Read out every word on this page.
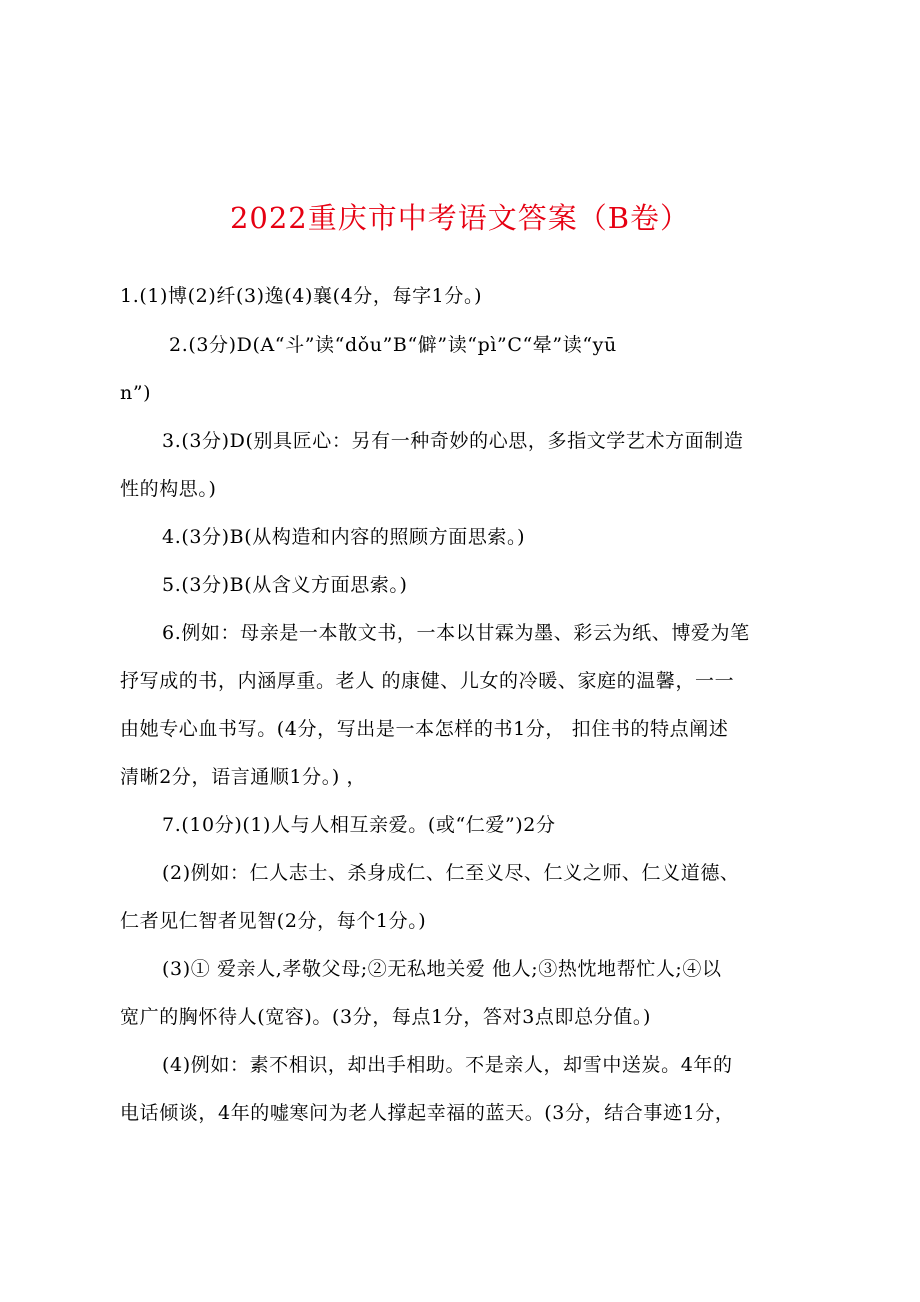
2022重庆市中考语文答案（B卷）
1.(1)博(2)纤(3)逸(4)襄(4分，每字1分。)
2.(3分)D(A“斗”读“dǒu”B“僻”读“pì”C“晕”读“yū
n”)
3.(3分)D(别具匠心：另有一种奇妙的心思，多指文学艺术方面制造
性的构思。)
4.(3分)B(从构造和内容的照顾方面思索。)
5.(3分)B(从含义方面思索。)
6.例如：母亲是一本散文书，一本以甘霖为墨、彩云为纸、博爱为笔
抒写成的书，内涵厚重。老人 的康健、儿女的冷暖、家庭的温馨，一一
由她专心血书写。(4分，写出是一本怎样的书1分， 扣住书的特点阐述
清晰2分，语言通顺1分。) ，
7.(10分)(1)人与人相互亲爱。(或“仁爱”)2分
(2)例如：仁人志士、杀身成仁、仁至义尽、仁义之师、仁义道德、
仁者见仁智者见智(2分，每个1分。)
(3)① 爱亲人,孝敬父母;②无私地关爱 他人;③热忱地帮忙人;④以
宽广的胸怀待人(宽容)。(3分，每点1分，答对3点即总分值。)
(4)例如：素不相识，却出手相助。不是亲人，却雪中送炭。4年的
电话倾谈，4年的嘘寒问为老人撑起幸福的蓝天。(3分，结合事迹1分，
